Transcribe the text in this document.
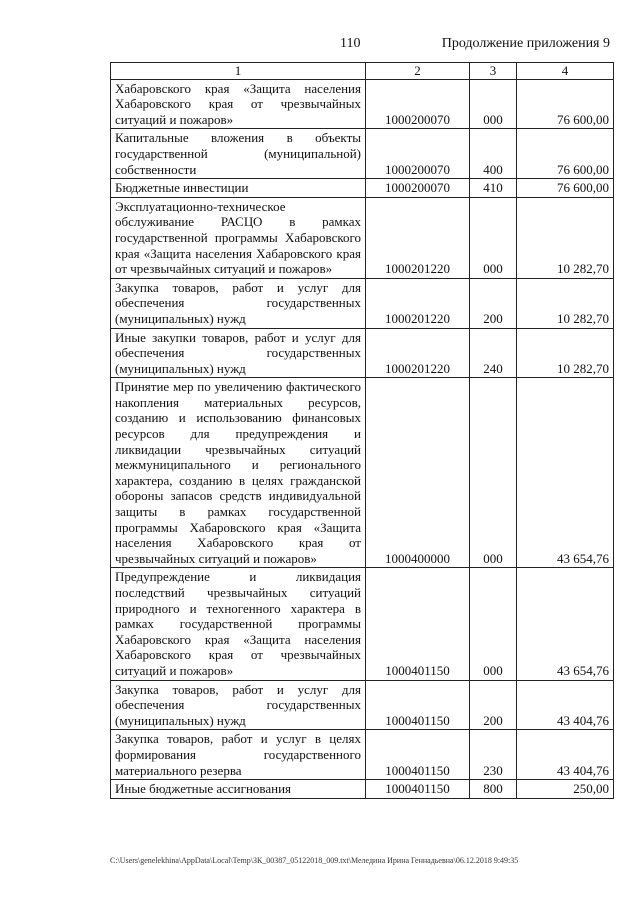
110	Продолжение приложения 9
1	2	3	4
Хабаровского края «Защита населения Хабаровского края от чрезвычайных ситуаций и пожаров»	1000200070	000	76 600,00
Капитальные вложения в объекты государственной (муниципальной) собственности	1000200070	400	76 600,00
Бюджетные инвестиции	1000200070	410	76 600,00
Эксплуатационно-техническое обслуживание РАСЦО в рамках государственной программы Хабаровского края «Защита населения Хабаровского края от чрезвычайных ситуаций и пожаров»	1000201220	000	10 282,70
Закупка товаров, работ и услуг для обеспечения государственных (муниципальных) нужд	1000201220	200	10 282,70
Иные закупки товаров, работ и услуг для обеспечения государственных (муниципальных) нужд	1000201220	240	10 282,70
Принятие мер по увеличению фактического накопления материальных ресурсов, созданию и использованию финансовых ресурсов для предупреждения и ликвидации чрезвычайных ситуаций межмуниципального и регионального характера, созданию в целях гражданской обороны запасов средств индивидуальной защиты в рамках государственной программы Хабаровского края «Защита населения Хабаровского края от чрезвычайных ситуаций и пожаров»	1000400000	000	43 654,76
Предупреждение и ликвидация последствий чрезвычайных ситуаций природного и техногенного характера в рамках государственной программы Хабаровского края «Защита населения Хабаровского края от чрезвычайных ситуаций и пожаров»	1000401150	000	43 654,76
Закупка товаров, работ и услуг для обеспечения государственных (муниципальных) нужд	1000401150	200	43 404,76
Закупка товаров, работ и услуг в целях формирования государственного материального резерва	1000401150	230	43 404,76
Иные бюджетные ассигнования	1000401150	800	250,00
C:\Users\genelekhina\AppData\Local\Temp\ЗК_00387_05122018_009.txt\Меледина Ирина Геннадьевна\06.12.2018 9:49:35
